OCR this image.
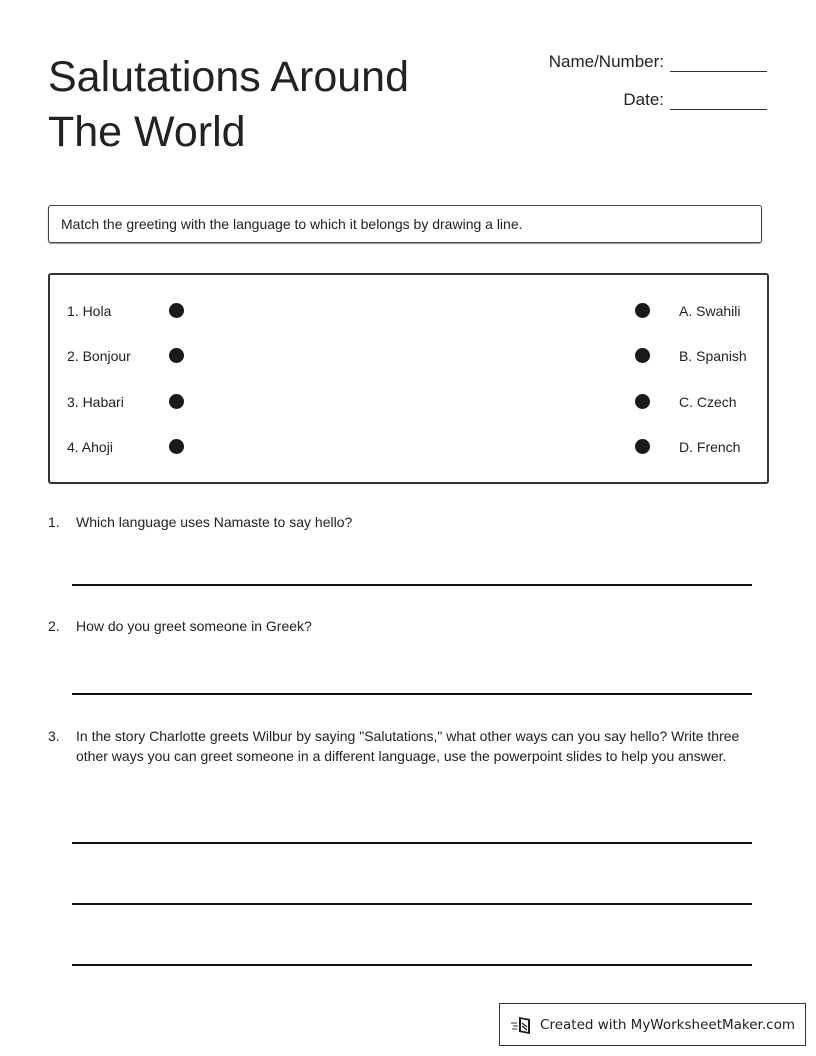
Salutations Around
The World
Name/Number:
Date:
Match the greeting with the language to which it belongs by drawing a line.
1. Hola	A. Swahili
2. Bonjour	B. Spanish
3. Habari	C. Czech
4. Ahoji	D. French
1. Which language uses Namaste to say hello?
2. How do you greet someone in Greek?
3. In the story Charlotte greets Wilbur by saying "Salutations," what other ways can you say hello? Write three other ways you can greet someone in a different language, use the powerpoint slides to help you answer.
Created with MyWorksheetMaker.com
